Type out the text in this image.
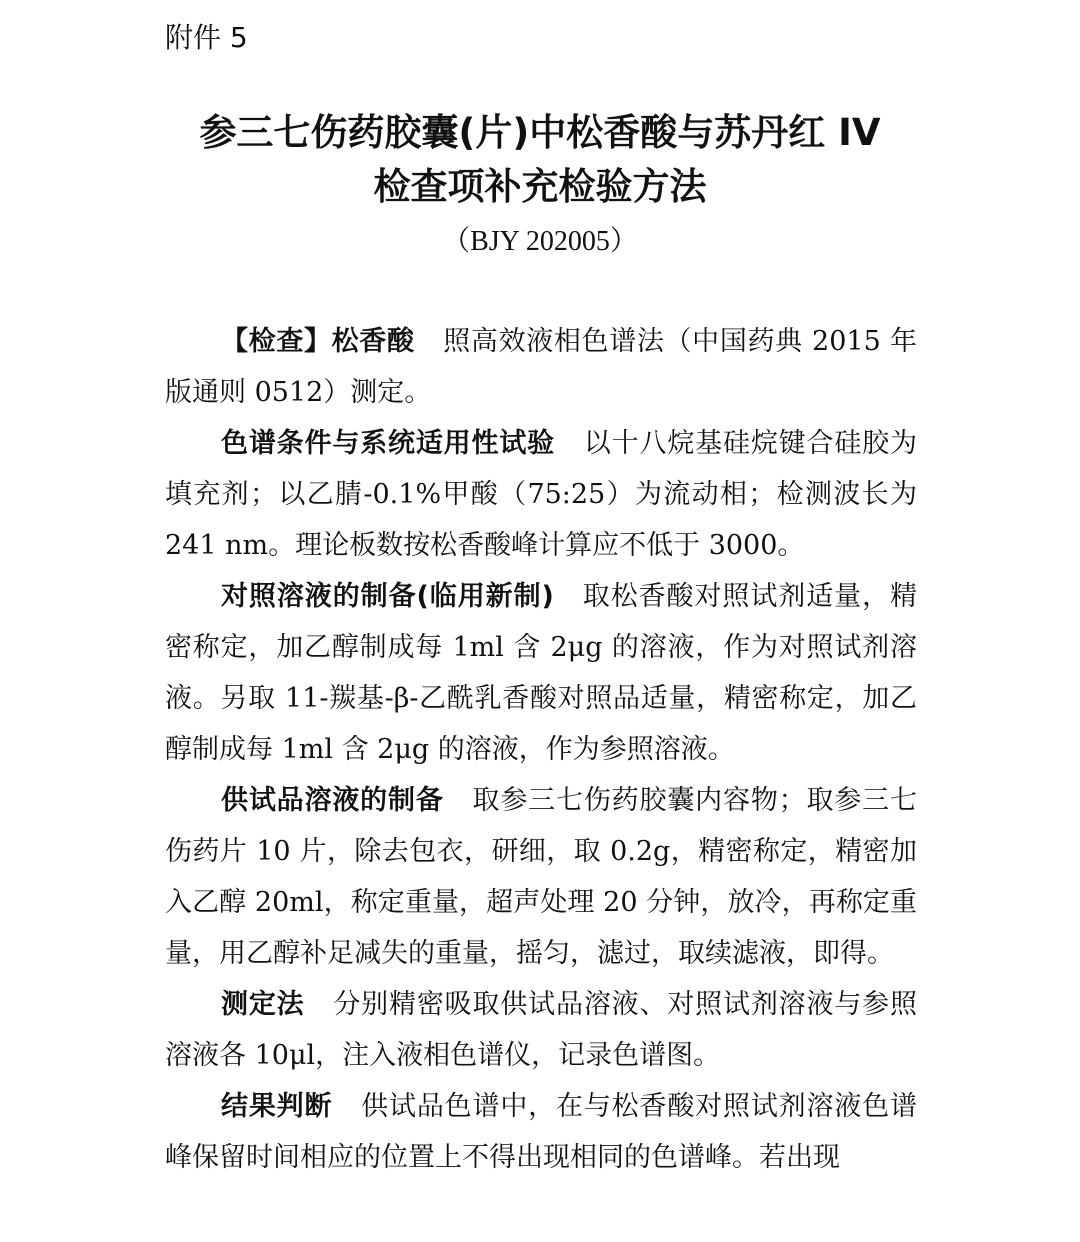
附件 5
参三七伤药胶囊(片)中松香酸与苏丹红 IV
检查项补充检验方法
（BJY 202005）

【检查】松香酸 照高效液相色谱法（中国药典 2015 年版通则 0512）测定。

色谱条件与系统适用性试验 以十八烷基硅烷键合硅胶为填充剂；以乙腈-0.1%甲酸（75:25）为流动相；检测波长为 241 nm。理论板数按松香酸峰计算应不低于 3000。

对照溶液的制备(临用新制) 取松香酸对照试剂适量，精密称定，加乙醇制成每 1ml 含 2μg 的溶液，作为对照试剂溶液。另取 11-羰基-β-乙酰乳香酸对照品适量，精密称定，加乙醇制成每 1ml 含 2μg 的溶液，作为参照溶液。

供试品溶液的制备 取参三七伤药胶囊内容物；取参三七伤药片 10 片，除去包衣，研细，取 0.2g，精密称定，精密加入乙醇 20ml，称定重量，超声处理 20 分钟，放冷，再称定重量，用乙醇补足减失的重量，摇匀，滤过，取续滤液，即得。

测定法 分别精密吸取供试品溶液、对照试剂溶液与参照溶液各 10μl，注入液相色谱仪，记录色谱图。

结果判断 供试品色谱中，在与松香酸对照试剂溶液色谱峰保留时间相应的位置上不得出现相同的色谱峰。若出现
